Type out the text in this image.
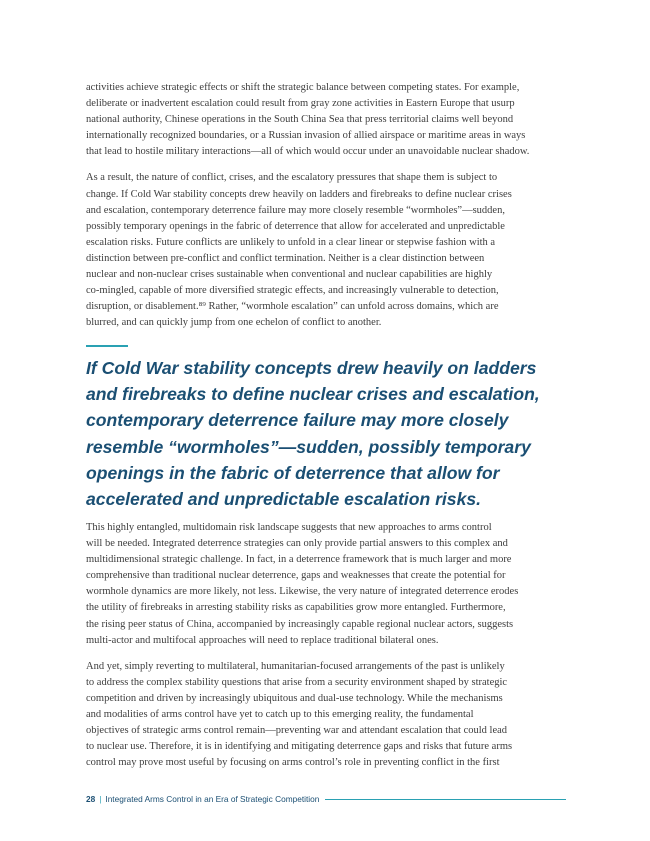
activities achieve strategic effects or shift the strategic balance between competing states. For example,
deliberate or inadvertent escalation could result from gray zone activities in Eastern Europe that usurp
national authority, Chinese operations in the South China Sea that press territorial claims well beyond
internationally recognized boundaries, or a Russian invasion of allied airspace or maritime areas in ways
that lead to hostile military interactions—all of which would occur under an unavoidable nuclear shadow.

As a result, the nature of conflict, crises, and the escalatory pressures that shape them is subject to
change. If Cold War stability concepts drew heavily on ladders and firebreaks to define nuclear crises
and escalation, contemporary deterrence failure may more closely resemble “wormholes”—sudden,
possibly temporary openings in the fabric of deterrence that allow for accelerated and unpredictable
escalation risks. Future conflicts are unlikely to unfold in a clear linear or stepwise fashion with a
distinction between pre-conflict and conflict termination. Neither is a clear distinction between
nuclear and non-nuclear crises sustainable when conventional and nuclear capabilities are highly
co-mingled, capable of more diversified strategic effects, and increasingly vulnerable to detection,
disruption, or disablement.⁸⁹ Rather, “wormhole escalation” can unfold across domains, which are
blurred, and can quickly jump from one echelon of conflict to another.

If Cold War stability concepts drew heavily on ladders
and firebreaks to define nuclear crises and escalation,
contemporary deterrence failure may more closely
resemble “wormholes”—sudden, possibly temporary
openings in the fabric of deterrence that allow for
accelerated and unpredictable escalation risks.

This highly entangled, multidomain risk landscape suggests that new approaches to arms control
will be needed. Integrated deterrence strategies can only provide partial answers to this complex and
multidimensional strategic challenge. In fact, in a deterrence framework that is much larger and more
comprehensive than traditional nuclear deterrence, gaps and weaknesses that create the potential for
wormhole dynamics are more likely, not less. Likewise, the very nature of integrated deterrence erodes
the utility of firebreaks in arresting stability risks as capabilities grow more entangled. Furthermore,
the rising peer status of China, accompanied by increasingly capable regional nuclear actors, suggests
multi-actor and multifocal approaches will need to replace traditional bilateral ones.

And yet, simply reverting to multilateral, humanitarian-focused arrangements of the past is unlikely
to address the complex stability questions that arise from a security environment shaped by strategic
competition and driven by increasingly ubiquitous and dual-use technology. While the mechanisms
and modalities of arms control have yet to catch up to this emerging reality, the fundamental
objectives of strategic arms control remain—preventing war and attendant escalation that could lead
to nuclear use. Therefore, it is in identifying and mitigating deterrence gaps and risks that future arms
control may prove most useful by focusing on arms control’s role in preventing conflict in the first

28 | Integrated Arms Control in an Era of Strategic Competition
